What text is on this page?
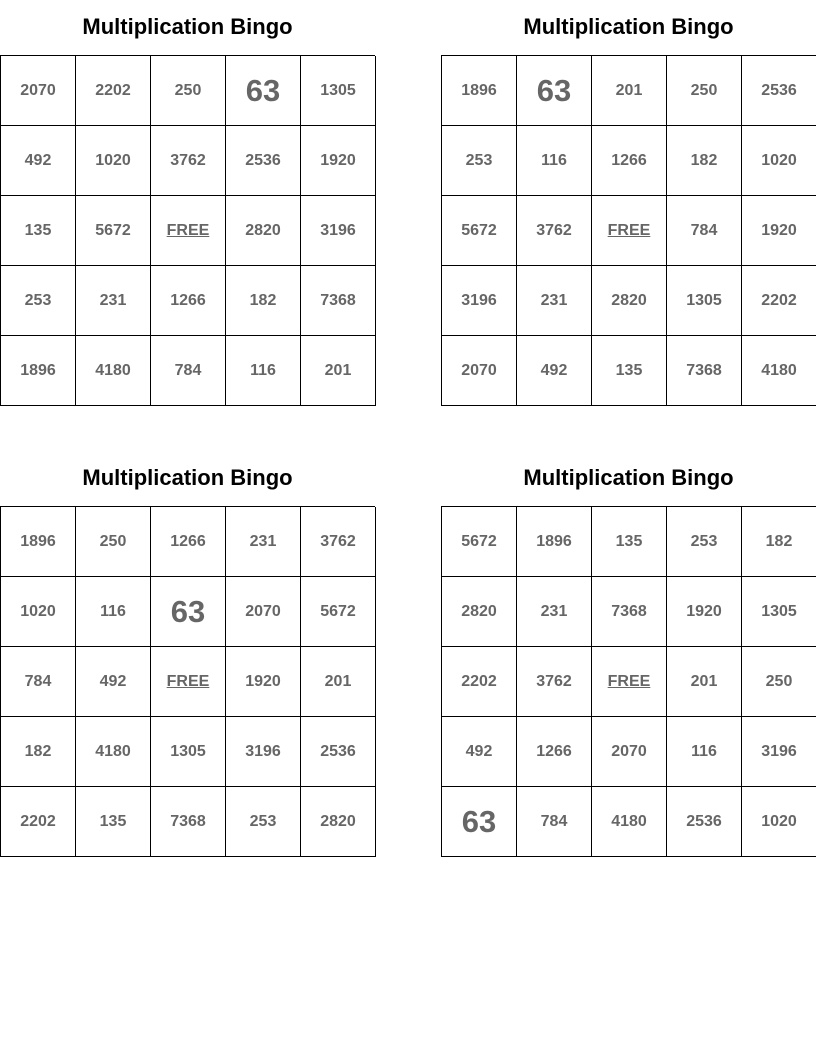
Multiplication Bingo
2070	2202	250	63	1305
492	1020	3762	2536	1920
135	5672	FREE	2820	3196
253	231	1266	182	7368
1896	4180	784	116	201
Multiplication Bingo
1896	63	201	250	2536
253	116	1266	182	1020
5672	3762	FREE	784	1920
3196	231	2820	1305	2202
2070	492	135	7368	4180
Multiplication Bingo
1896	250	1266	231	3762
1020	116	63	2070	5672
784	492	FREE	1920	201
182	4180	1305	3196	2536
2202	135	7368	253	2820
Multiplication Bingo
5672	1896	135	253	182
2820	231	7368	1920	1305
2202	3762	FREE	201	250
492	1266	2070	116	3196
63	784	4180	2536	1020
